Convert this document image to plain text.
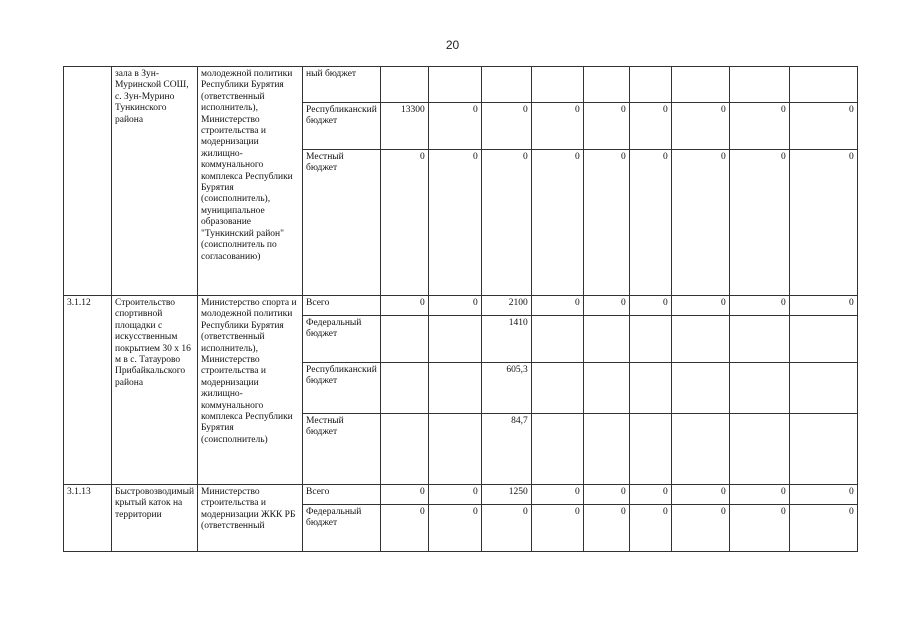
20
	зала в Зун-Муринской СОШ, с. Зун-Мурино Тункинского района	молодежной политики Республики Бурятия (ответственный исполнитель), Министерство строительства и модернизации жилищно-коммунального комплекса Республики Бурятия (соисполнитель), муниципальное образование "Тункинский район" (соисполнитель по согласованию)	ный бюджет									
			Республиканский бюджет	13300	0	0	0	0	0	0	0	0
			Местный бюджет	0	0	0	0	0	0	0	0	0
3.1.12	Строительство спортивной площадки с искусственным покрытием 30 х 16 м в с. Татаурово Прибайкальского района	Министерство спорта и молодежной политики Республики Бурятия (ответственный исполнитель), Министерство строительства и модернизации жилищно-коммунального комплекса Республики Бурятия (соисполнитель)	Всего	0	0	2100	0	0	0	0	0	0
			Федеральный бюджет			1410						
			Республиканский бюджет			605,3						
			Местный бюджет			84,7						
3.1.13	Быстровозводимый крытый каток на территории	Министерство строительства и модернизации ЖКК РБ (ответственный	Всего	0	0	1250	0	0	0	0	0	0
			Федеральный бюджет	0	0	0	0	0	0	0	0	0
